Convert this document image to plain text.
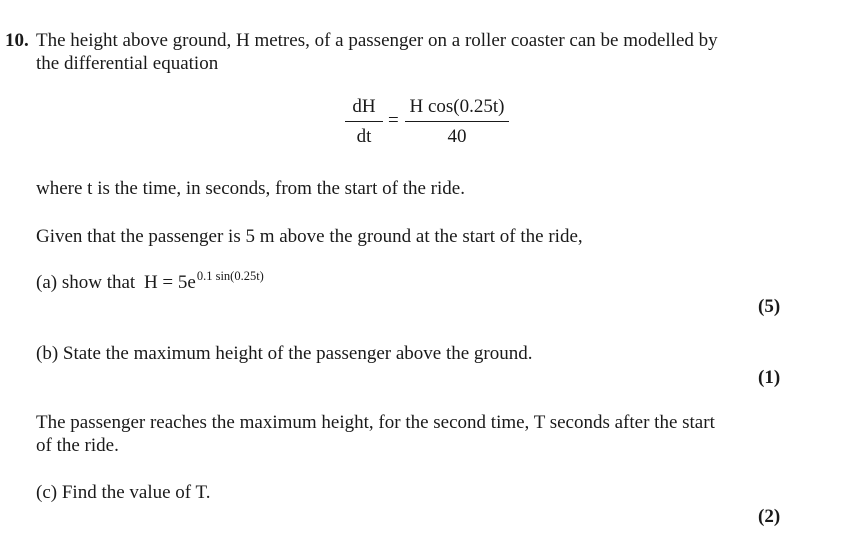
10. The height above ground, H metres, of a passenger on a roller coaster can be modelled by
the differential equation
dH
dt
=
H cos(0.25t)
40
where t is the time, in seconds, from the start of the ride.
Given that the passenger is 5 m above the ground at the start of the ride,
(a) show that $H = 5e^{0.1 sin(0.25t)}$
(5)
(b) State the maximum height of the passenger above the ground.
(1)
The passenger reaches the maximum height, for the second time, T seconds after the start
of the ride.
(c) Find the value of T.
(2)
